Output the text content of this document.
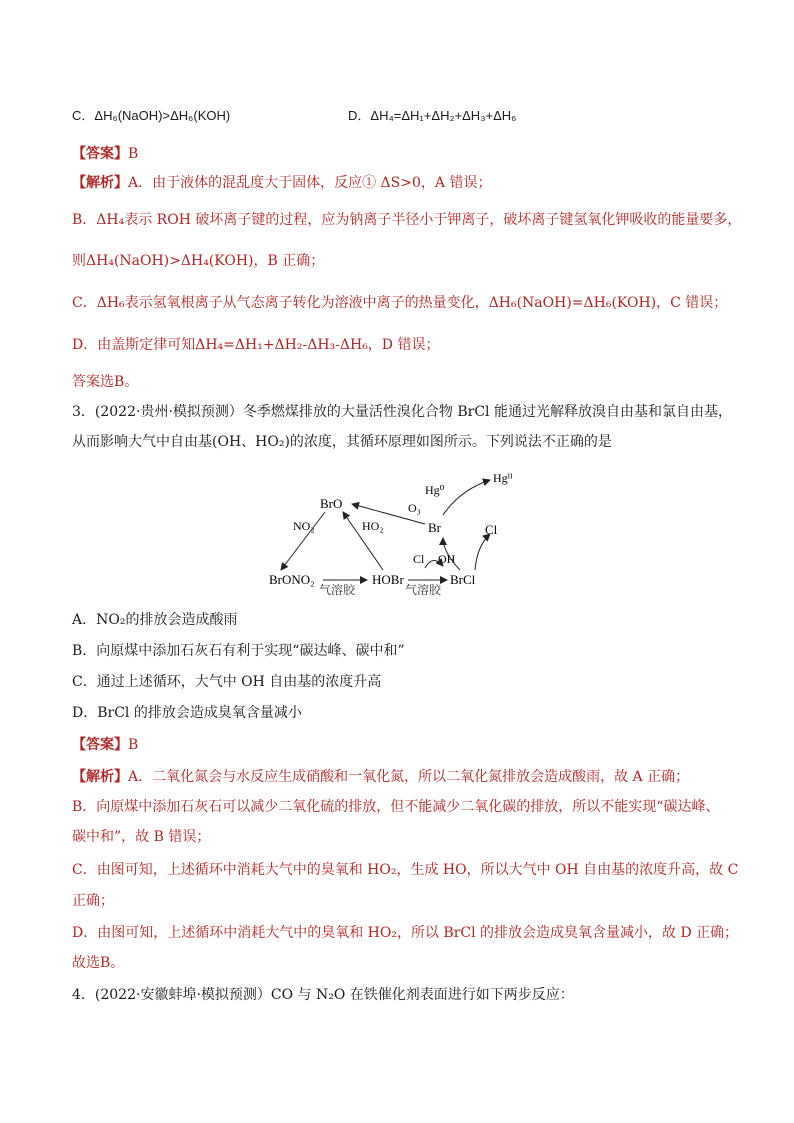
C．ΔH₆(NaOH)>ΔH₆(KOH)	D．ΔH₄=ΔH₁+ΔH₂+ΔH₃+ΔH₆
【答案】B
【解析】A．由于液体的混乱度大于固体，反应① ΔS>0，A 错误；
B．ΔH₄表示 ROH 破坏离子键的过程，应为钠离子半径小于钾离子，破坏离子键氢氧化钾吸收的能量要多，
则ΔH₄(NaOH)>ΔH₄(KOH)，B 正确；
C．ΔH₆表示氢氧根离子从气态离子转化为溶液中离子的热量变化，ΔH₆(NaOH)=ΔH₆(KOH)，C 错误；
D．由盖斯定律可知ΔH₄=ΔH₁+ΔH₂-ΔH₃-ΔH₆，D 错误；
答案选B。
3．(2022·贵州·模拟预测）冬季燃煤排放的大量活性溴化合物 BrCl 能通过光解释放溴自由基和氯自由基，
从而影响大气中自由基(OH、HO₂)的浓度，其循环原理如图所示。下列说法不正确的是
BrO
NO₂	HO₂
O₃
Hg⁰
Hgᴵᴵ
Br	Cl
Cl OH
BrONO₂	HOBr	BrCl
气溶胶	气溶胶
A．NO₂的排放会造成酸雨
B．向原煤中添加石灰石有利于实现“碳达峰、碳中和”
C．通过上述循环，大气中 OH 自由基的浓度升高
D．BrCl 的排放会造成臭氧含量减小
【答案】B
【解析】A．二氧化氮会与水反应生成硝酸和一氧化氮，所以二氧化氮排放会造成酸雨，故 A 正确；
B．向原煤中添加石灰石可以减少二氧化硫的排放，但不能减少二氧化碳的排放，所以不能实现“碳达峰、
碳中和”，故 B 错误；
C．由图可知，上述循环中消耗大气中的臭氧和 HO₂，生成 HO，所以大气中 OH 自由基的浓度升高，故 C
正确；
D．由图可知，上述循环中消耗大气中的臭氧和 HO₂，所以 BrCl 的排放会造成臭氧含量减小，故 D 正确；
故选B。
4．(2022·安徽蚌埠·模拟预测）CO 与 N₂O 在铁催化剂表面进行如下两步反应：
